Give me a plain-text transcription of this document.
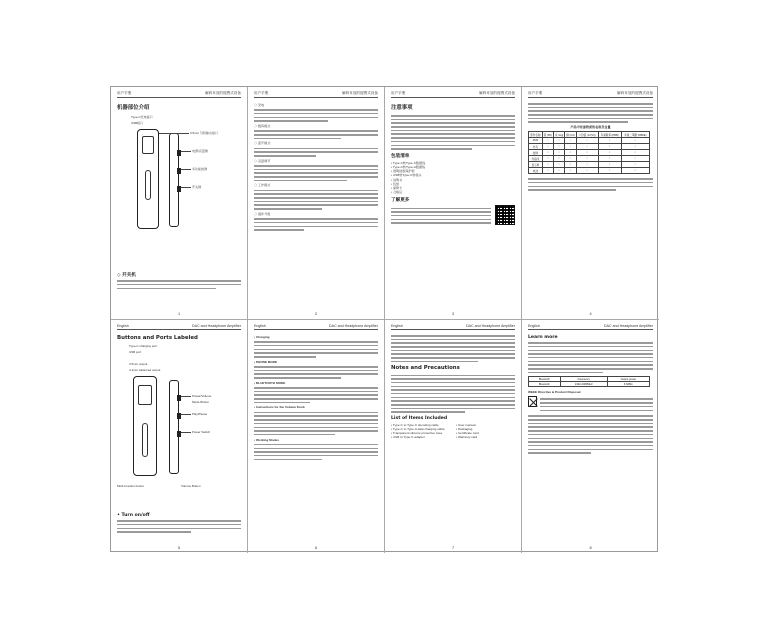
用户手册	解码耳放的便携式设备
机器部位介绍
Type-C充电接口
USB接口
3.5mm 耳机输出接口
电源/音量键
多功能按键
开关键
◇ 开关机
1
用户手册	解码耳放的便携式设备
◇ 充电
◇ 数码模式
◇ 蓝牙模式
◇ 音量调节
◇ 工作模式
◇ 固件升级
2
用户手册	解码耳放的便携式设备
注意事项
包装清单
• Type-C转Type-C数据线
• Type-C转Type-A数据线
• 透明硅胶保护套
• USB转Type-C转接头
• 说明书
• 包装
• 保修卡
• 合格证
了解更多
3
用户手册	解码耳放的便携式设备
产品中有害物质的名称及含量
部件名称	铅 (Pb)	汞 (Hg)	镉 (Cd)	六价铬 (Cr(VI))	多溴联苯 (PBB)	多溴二苯醚 (PBDE)
PCB	○	○	○	○	○	○
外壳	○	○	○	○	○	○
按键	○	○	○	○	○	○
连接线	○	○	○	○	○	○
显示屏	○	○	○	○	○	○
电池	○	○	○	○	○	○
4
English	DAC and Headphone Amplifier
Buttons and Ports Labeled
Type-C charging port
USB port
3.5mm output
4.4mm balanced output
Power/Volume
Mode Button
Play/Pause
Power Switch
Multi-function button	Volume Button
• Turn on/off
5
English	DAC and Headphone Amplifier
• Charging
• PHONE MODE
• BLUETOOTH MODE
• Instructions for the Volume Knob
• Working Modes
6
English	DAC and Headphone Amplifier
Notes and Precautions
List of Items Included
• Type-C to Type-C decoding cable
• Type-C to Type-A data charging cable
• Transparent silicone protective case
• USB to Type-C adapter
• User manual
• Packaging
• Certificate card
• Warranty card
7
English	DAC and Headphone Amplifier
Learn more
Bluetooth	Frequency	Output power
Bluetooth	2402-2480MHz	6.5dBm
WEEE Directive & Product Disposal
8
